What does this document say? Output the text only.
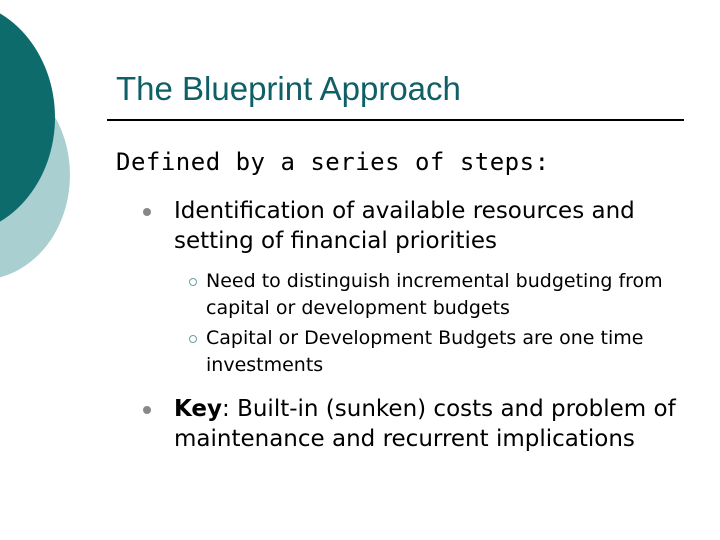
The Blueprint Approach
Defined by a series of steps:
Identification of available resources and setting of financial priorities
Need to distinguish incremental budgeting from capital or development budgets
Capital or Development Budgets are one time investments
Key: Built-in (sunken) costs and problem of maintenance and recurrent implications
